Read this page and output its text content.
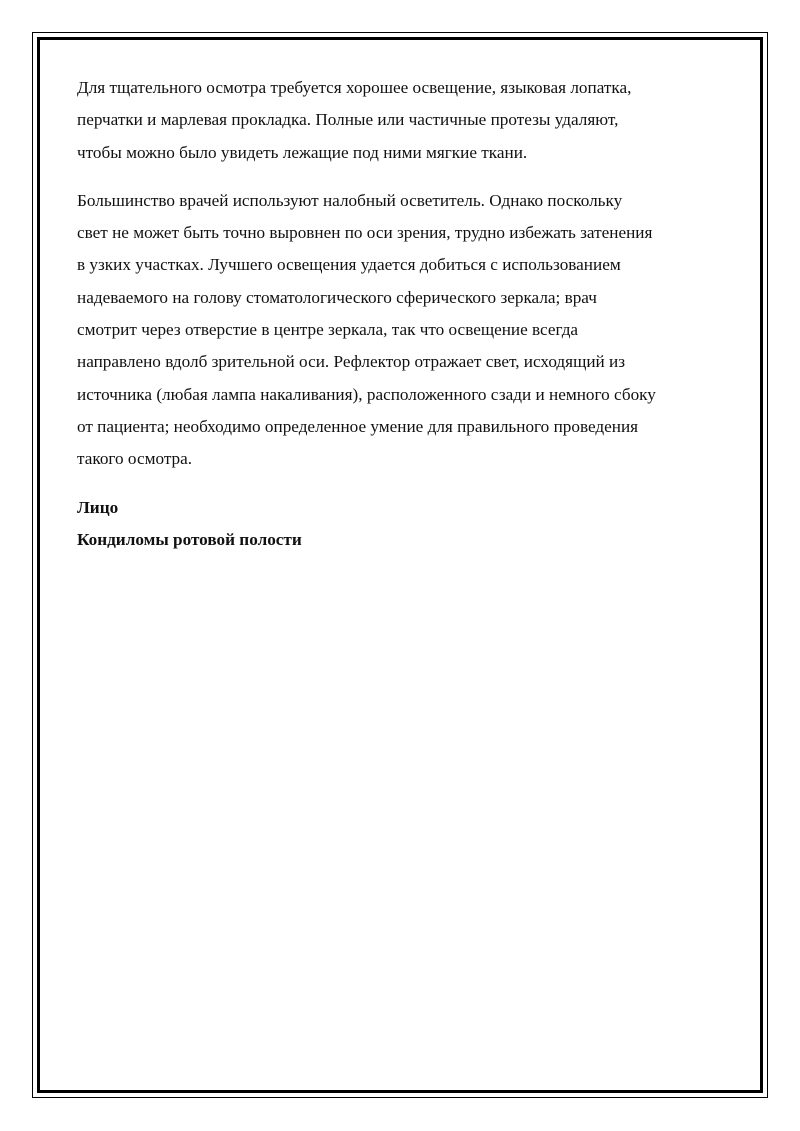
Для тщательного осмотра требуется хорошее освещение, языковая лопатка,
перчатки и марлевая прокладка. Полные или частичные протезы удаляют,
чтобы можно было увидеть лежащие под ними мягкие ткани.

Большинство врачей используют налобный осветитель. Однако поскольку
свет не может быть точно выровнен по оси зрения, трудно избежать затенения
в узких участках. Лучшего освещения удается добиться с использованием
надеваемого на голову стоматологического сферического зеркала; врач
смотрит через отверстие в центре зеркала, так что освещение всегда
направлено вдолб зрительной оси. Рефлектор отражает свет, исходящий из
источника (любая лампа накаливания), расположенного сзади и немного сбоку
от пациента; необходимо определенное умение для правильного проведения
такого осмотра.

Лицо

Кондиломы ротовой полости
